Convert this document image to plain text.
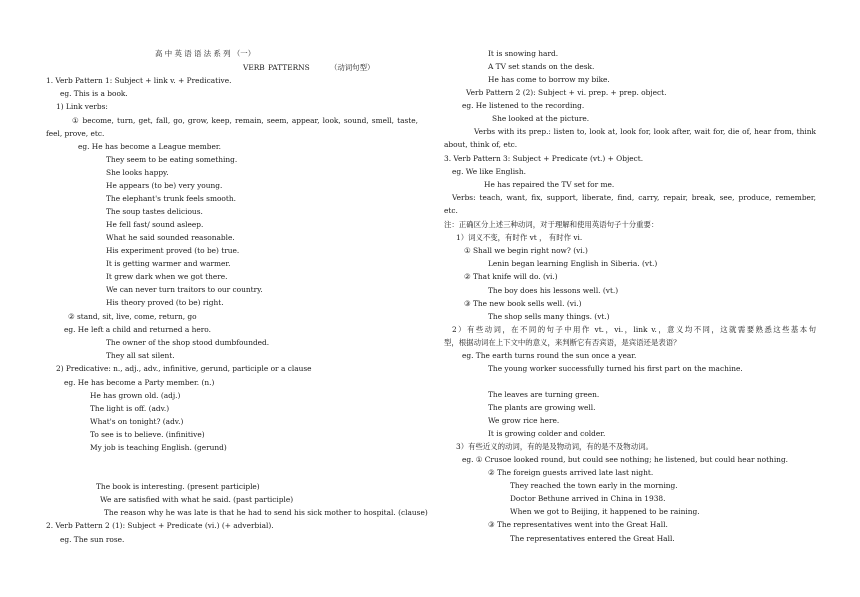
高 中 英 语 语 法 系 列 （一）
VERB PATTERNS	（动词句型）
1. Verb Pattern 1: Subject + link v. + Predicative.
eg. This is a book.
1) Link verbs:
① become, turn, get, fall, go, grow, keep, remain, seem, appear, look, sound, smell, taste,
feel, prove, etc.
eg. He has become a League member.
They seem to be eating something.
She looks happy.
He appears (to be) very young.
The elephant's trunk feels smooth.
The soup tastes delicious.
He fell fast/ sound asleep.
What he said sounded reasonable.
His experiment proved (to be) true.
It is getting warmer and warmer.
It grew dark when we got there.
We can never turn traitors to our country.
His theory proved (to be) right.
② stand, sit, live, come, return, go
eg. He left a child and returned a hero.
The owner of the shop stood dumbfounded.
They all sat silent.
2) Predicative: n., adj., adv., infinitive, gerund, participle or a clause
eg. He has become a Party member. (n.)
He has grown old. (adj.)
The light is off. (adv.)
What's on tonight? (adv.)
To see is to believe. (infinitive)
My job is teaching English. (gerund)
The book is interesting. (present participle)
We are satisfied with what he said. (past participle)
The reason why he was late is that he had to send his sick mother to hospital. (clause)
2. Verb Pattern 2 (1): Subject + Predicate (vi.) (+ adverbial).
eg. The sun rose.
It is snowing hard.
A TV set stands on the desk.
He has come to borrow my bike.
Verb Pattern 2 (2): Subject + vi. prep. + prep. object.
eg. He listened to the recording.
She looked at the picture.
Verbs with its prep.: listen to, look at, look for, look after, wait for, die of, hear from, think
about, think of, etc.
3. Verb Pattern 3: Subject + Predicate (vt.) + Object.
eg. We like English.
He has repaired the TV set for me.
Verbs: teach, want, fix, support, liberate, find, carry, repair, break, see, produce, remember,
etc.
注：正确区分上述三种动词，对于理解和使用英语句子十分重要：
1）词义不变，有时作 vt ， 有时作 vi.
① Shall we begin right now? (vi.)
Lenin began learning English in Siberia. (vt.)
② That knife will do. (vi.)
The boy does his lessons well. (vt.)
③ The new book sells well. (vi.)
The shop sells many things. (vt.)
2）有些动词，在不同的句子中用作 vt.，vi.，link v.，意义均不同，这就需要熟悉这些基本句
型，根据动词在上下文中的意义，来判断它有否宾语，是宾语还是表语？
eg. The earth turns round the sun once a year.
The young worker successfully turned his first part on the machine.
The leaves are turning green.
The plants are growing well.
We grow rice here.
It is growing colder and colder.
3）有些近义的动词，有的是及物动词，有的是不及物动词。
eg. ① Crusoe looked round, but could see nothing; he listened, but could hear nothing.
② The foreign guests arrived late last night.
They reached the town early in the morning.
Doctor Bethune arrived in China in 1938.
When we got to Beijing, it happened to be raining.
③ The representatives went into the Great Hall.
The representatives entered the Great Hall.
